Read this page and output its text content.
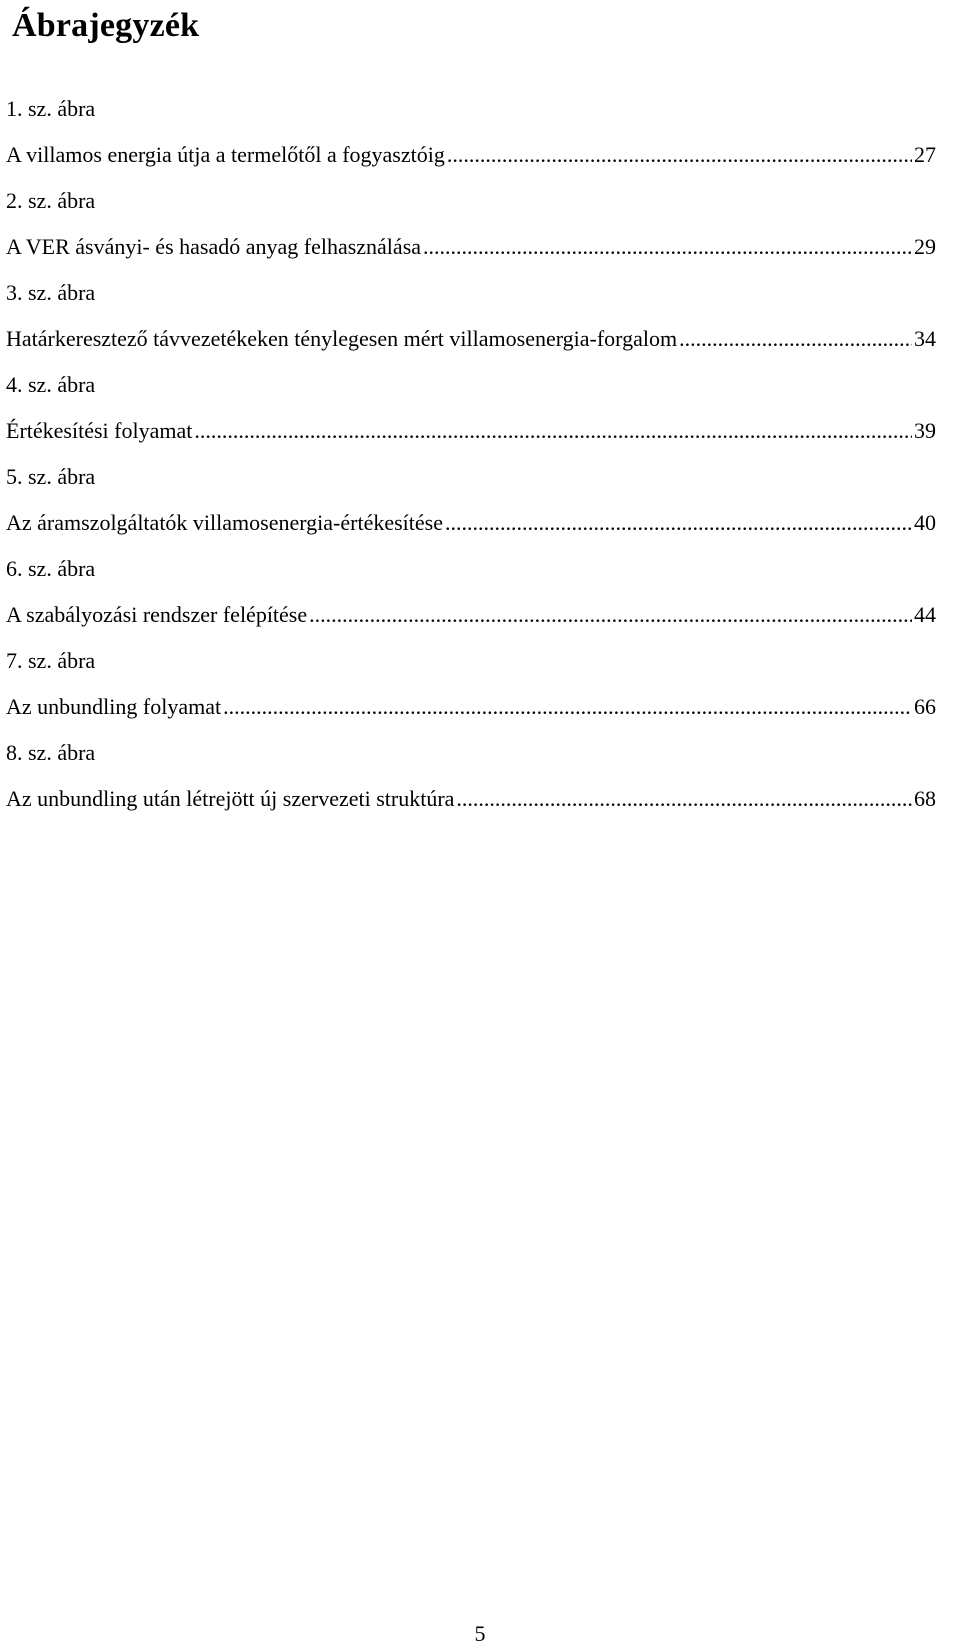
Ábrajegyzék
1. sz. ábra
A villamos energia útja a termelőtől a fogyasztóig .....	27
2. sz. ábra
A VER ásványi- és hasadó anyag felhasználása .....	29
3. sz. ábra
Határkeresztező távvezetékeken ténylegesen mért villamosenergia-forgalom .....	34
4. sz. ábra
Értékesítési folyamat .....	39
5. sz. ábra
Az áramszolgáltatók villamosenergia-értékesítése .....	40
6. sz. ábra
A szabályozási rendszer felépítése .....	44
7. sz. ábra
Az unbundling folyamat .....	66
8. sz. ábra
Az unbundling után létrejött új szervezeti struktúra .....	68
5
